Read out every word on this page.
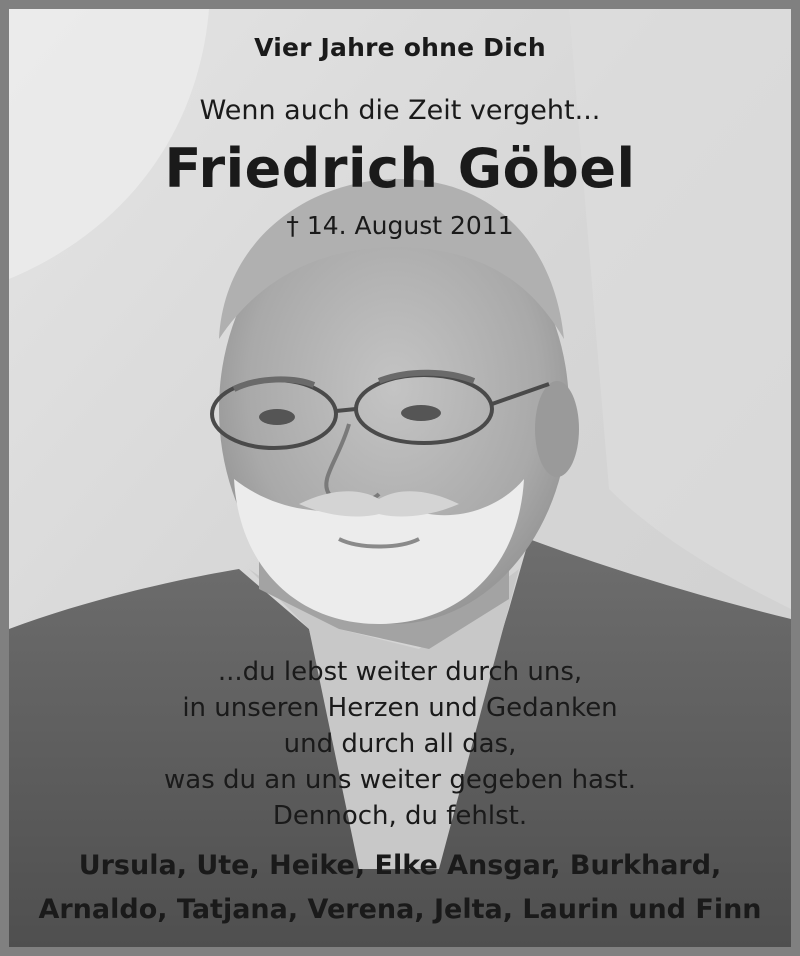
Vier Jahre ohne Dich
Wenn auch die Zeit vergeht...
Friedrich Göbel
† 14. August 2011
...du lebst weiter durch uns,
in unseren Herzen und Gedanken
und durch all das,
was du an uns weiter gegeben hast.
Dennoch, du fehlst.
Ursula, Ute, Heike, Elke Ansgar, Burkhard,
Arnaldo, Tatjana, Verena, Jelta, Laurin und Finn
